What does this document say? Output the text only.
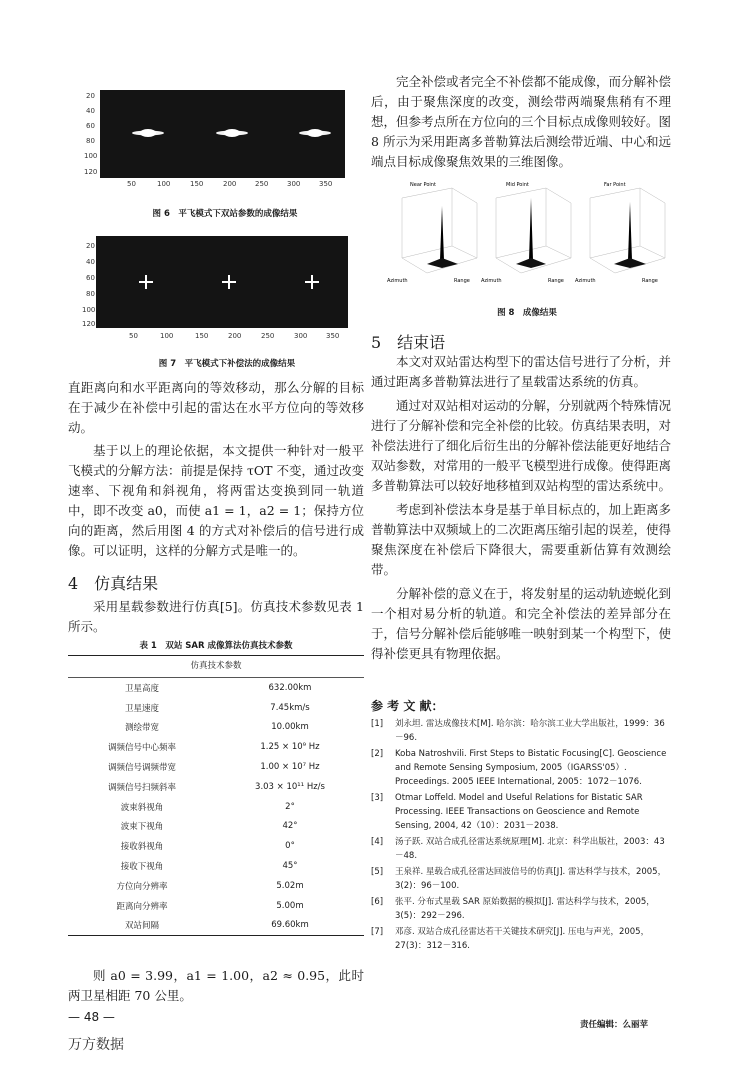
20
40
60
80
100
120
50	100	150	200	250	300	350
图 6　平飞模式下双站参数的成像结果
20
40
60
80
100
120
50	100	150	200	250	300	350
图 7　平飞模式下补偿法的成像结果

直距离向和水平距离向的等效移动，那么分解的目标在于减少在补偿中引起的雷达在水平方位向的等效移动。

基于以上的理论依据，本文提供一种针对一般平飞模式的分解方法：前提是保持 τOT 不变，通过改变速率、下视角和斜视角，将两雷达变换到同一轨道中，即不改变 a0，而使 a1 = 1，a2 = 1；保持方位向的距离，然后用图 4 的方式对补偿后的信号进行成像。可以证明，这样的分解方式是唯一的。

4　仿真结果

采用星载参数进行仿真[5]。仿真技术参数见表 1 所示。

表 1　双站 SAR 成像算法仿真技术参数
仿真技术参数
卫星高度	632.00km
卫星速度	7.45km/s
测绘带宽	10.00km
调频信号中心频率	1.25 × 10⁹ Hz
调频信号调频带宽	1.00 × 10⁷ Hz
调频信号扫频斜率	3.03 × 10¹¹ Hz/s
波束斜视角	2°
波束下视角	42°
接收斜视角	0°
接收下视角	45°
方位向分辨率	5.02m
距离向分辨率	5.00m
双站间隔	69.60km

则 a0 = 3.99，a1 = 1.00，a2 ≈ 0.95，此时两卫星相距 70 公里。

— 48 —
万方数据

完全补偿或者完全不补偿都不能成像，而分解补偿后，由于聚焦深度的改变，测绘带两端聚焦稍有不理想，但参考点所在方位向的三个目标点成像则较好。图 8 所示为采用距离多普勒算法后测绘带近端、中心和远端点目标成像聚焦效果的三维图像。

Near Point
Azimuth	Range
Mid Point
Azimuth	Range
Far Point
Azimuth	Range
图 8　成像结果
5　结束语

本文对双站雷达构型下的雷达信号进行了分析，并通过距离多普勒算法进行了星载雷达系统的仿真。

通过对双站相对运动的分解，分别就两个特殊情况进行了分解补偿和完全补偿的比较。仿真结果表明，对补偿法进行了细化后衍生出的分解补偿法能更好地结合双站参数，对常用的一般平飞模型进行成像。使得距离多普勒算法可以较好地移植到双站构型的雷达系统中。

考虑到补偿法本身是基于单目标点的，加上距离多普勒算法中双频域上的二次距离压缩引起的误差，使得聚焦深度在补偿后下降很大，需要重新估算有效测绘带。

分解补偿的意义在于，将发射星的运动轨迹蜕化到一个相对易分析的轨道。和完全补偿法的差异部分在于，信号分解补偿后能够唯一映射到某一个构型下，使得补偿更具有物理依据。

参 考 文 献：

[1] 刘永坦. 雷达成像技术[M]. 哈尔滨：哈尔滨工业大学出版社，1999：36－96.

[2] Koba Natroshvili. First Steps to Bistatic Focusing[C]. Geoscience and Remote Sensing Symposium, 2005（IGARSS'05）. Proceedings. 2005 IEEE International, 2005：1072－1076.

[3] Otmar Loffeld. Model and Useful Relations for Bistatic SAR Processing. IEEE Transactions on Geoscience and Remote Sensing, 2004, 42（10）：2031－2038.

[4] 汤子跃. 双站合成孔径雷达系统原理[M]. 北京：科学出版社，2003：43－48.

[5] 王泉祥. 星载合成孔径雷达回波信号的仿真[J]. 雷达科学与技术，2005，3(2)：96－100.

[6] 张平. 分布式星载 SAR 原始数据的模拟[J]. 雷达科学与技术，2005，3(5)：292－296.

[7] 邓彦. 双站合成孔径雷达若干关键技术研究[J]. 压电与声光，2005，27(3)：312－316.

责任编辑：么丽苹
